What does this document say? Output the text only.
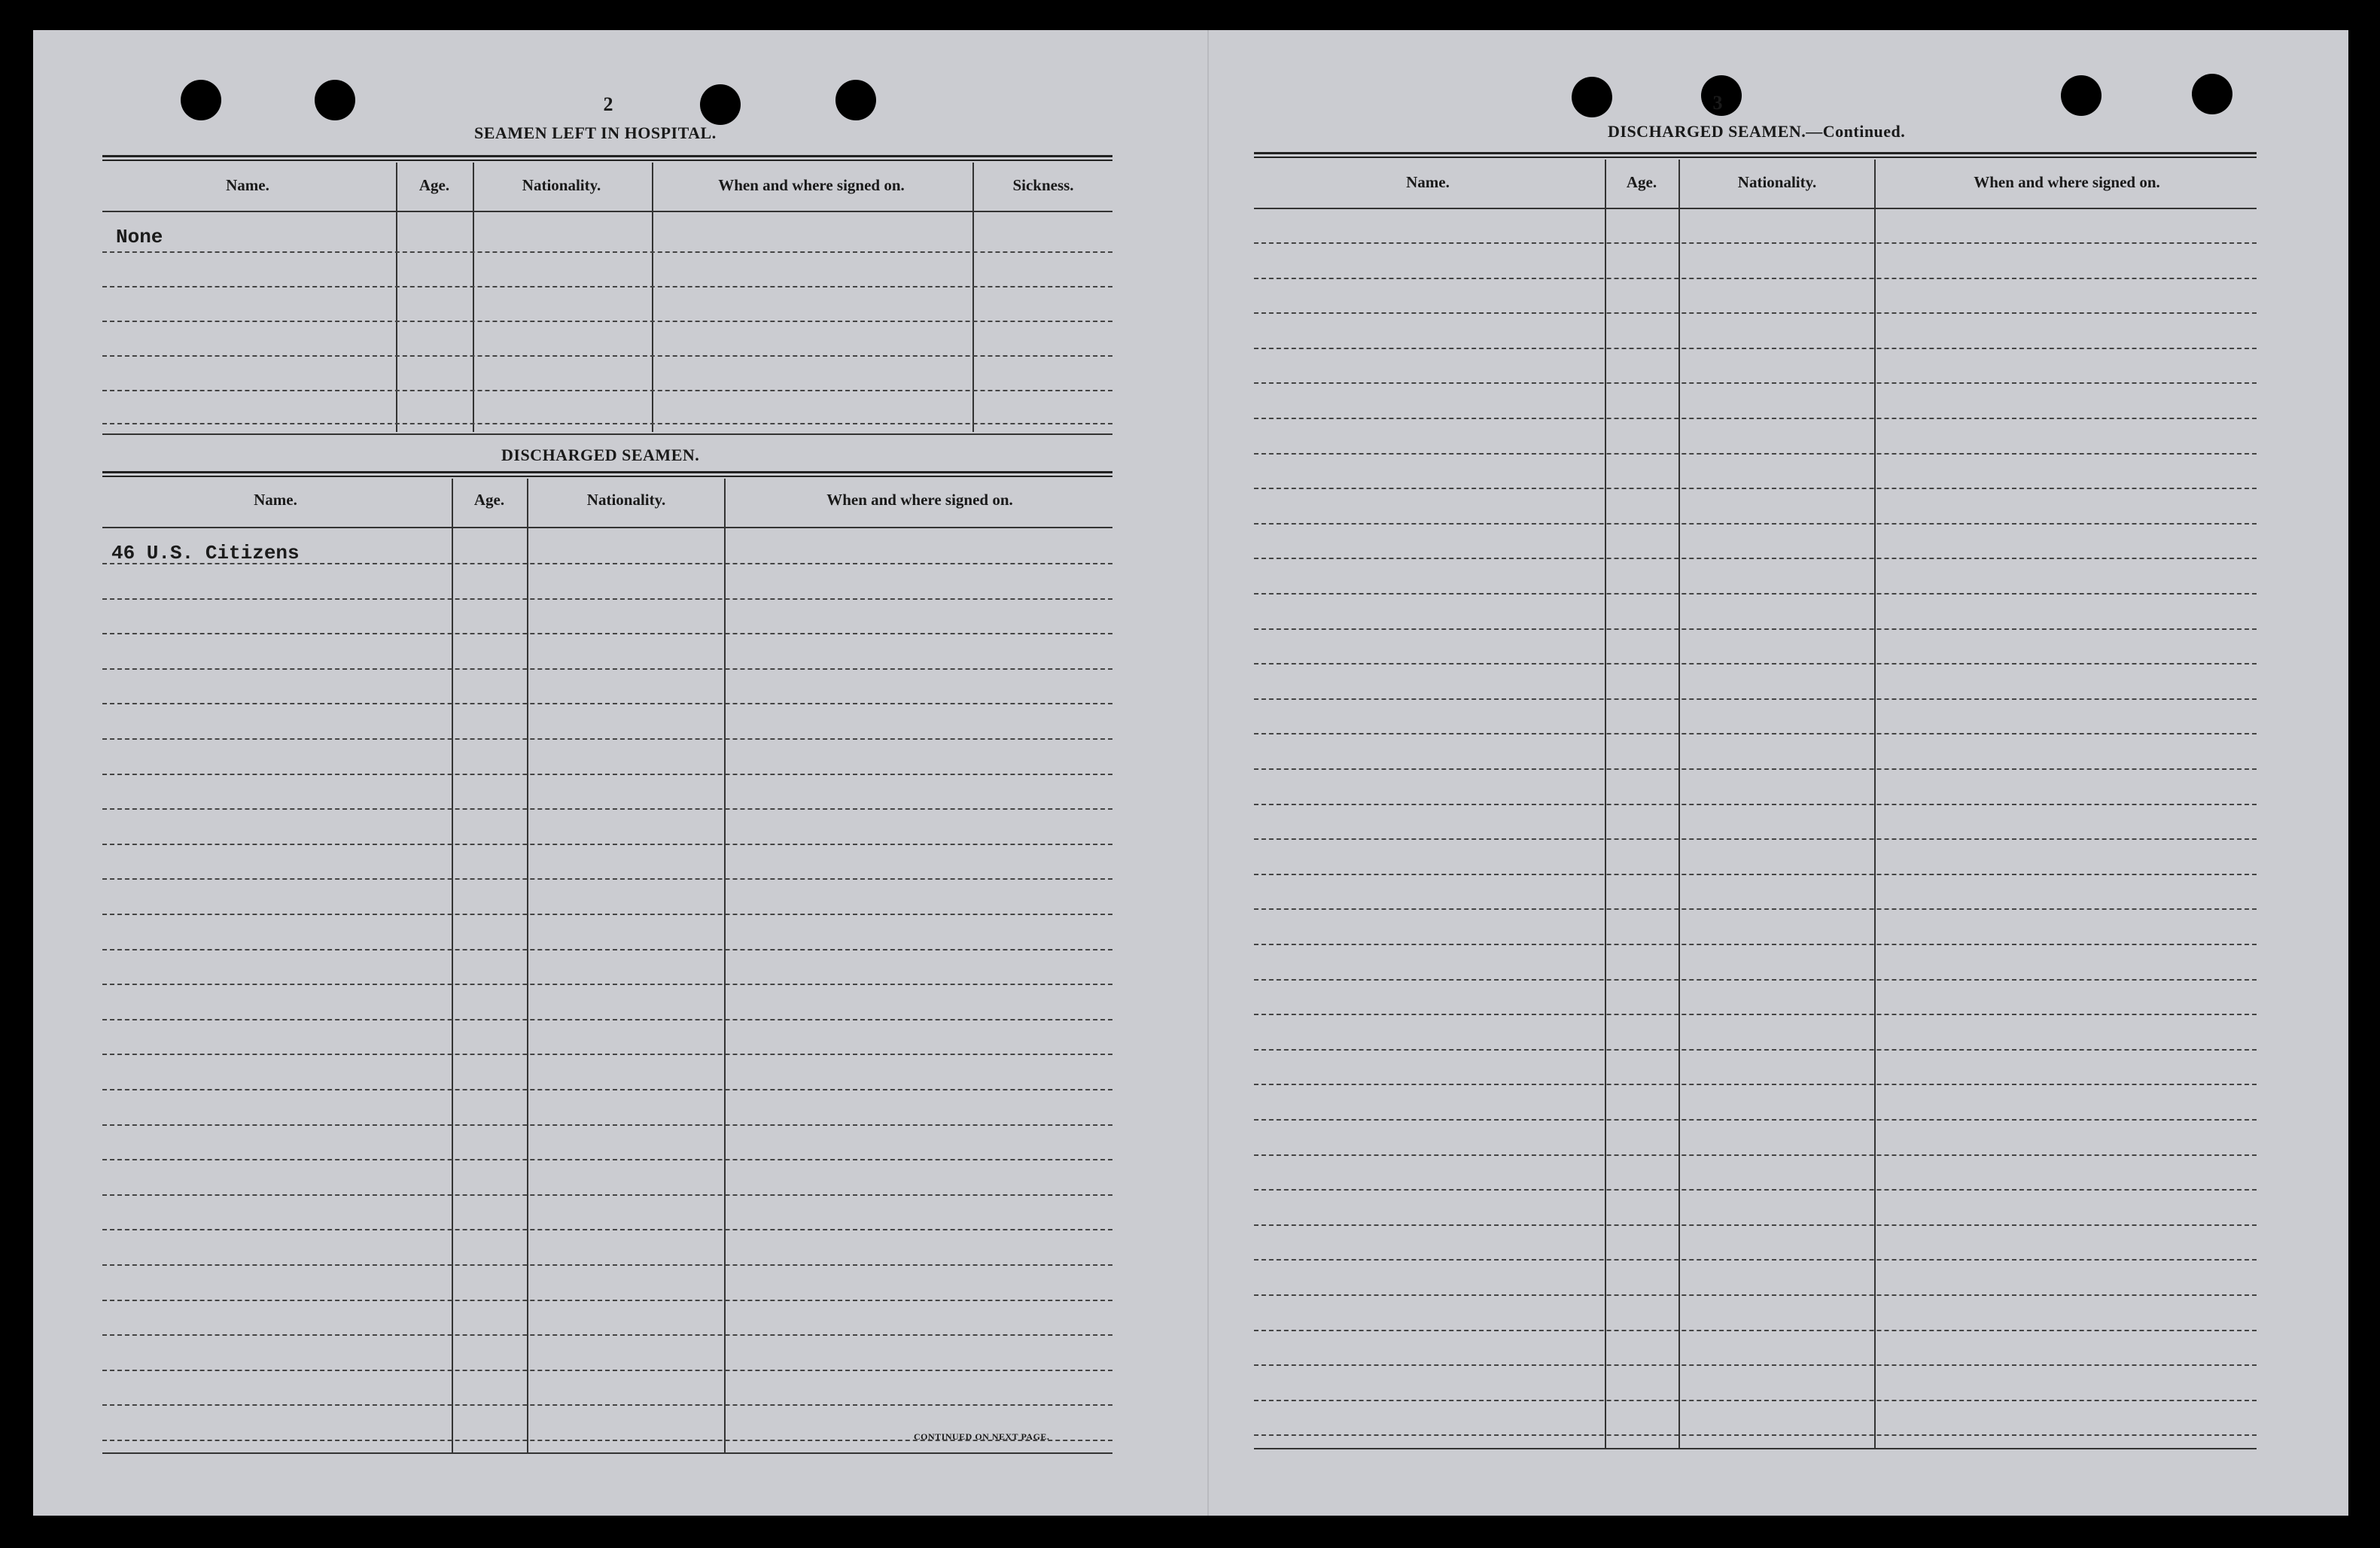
2
SEAMEN LEFT IN HOSPITAL.
Name.	Age.	Nationality.	When and where signed on.	Sickness.
None
DISCHARGED SEAMEN.
Name.	Age.	Nationality.	When and where signed on.
46 U.S. Citizens
CONTINUED ON NEXT PAGE.
3
DISCHARGED SEAMEN.—Continued.
Name.	Age.	Nationality.	When and where signed on.
